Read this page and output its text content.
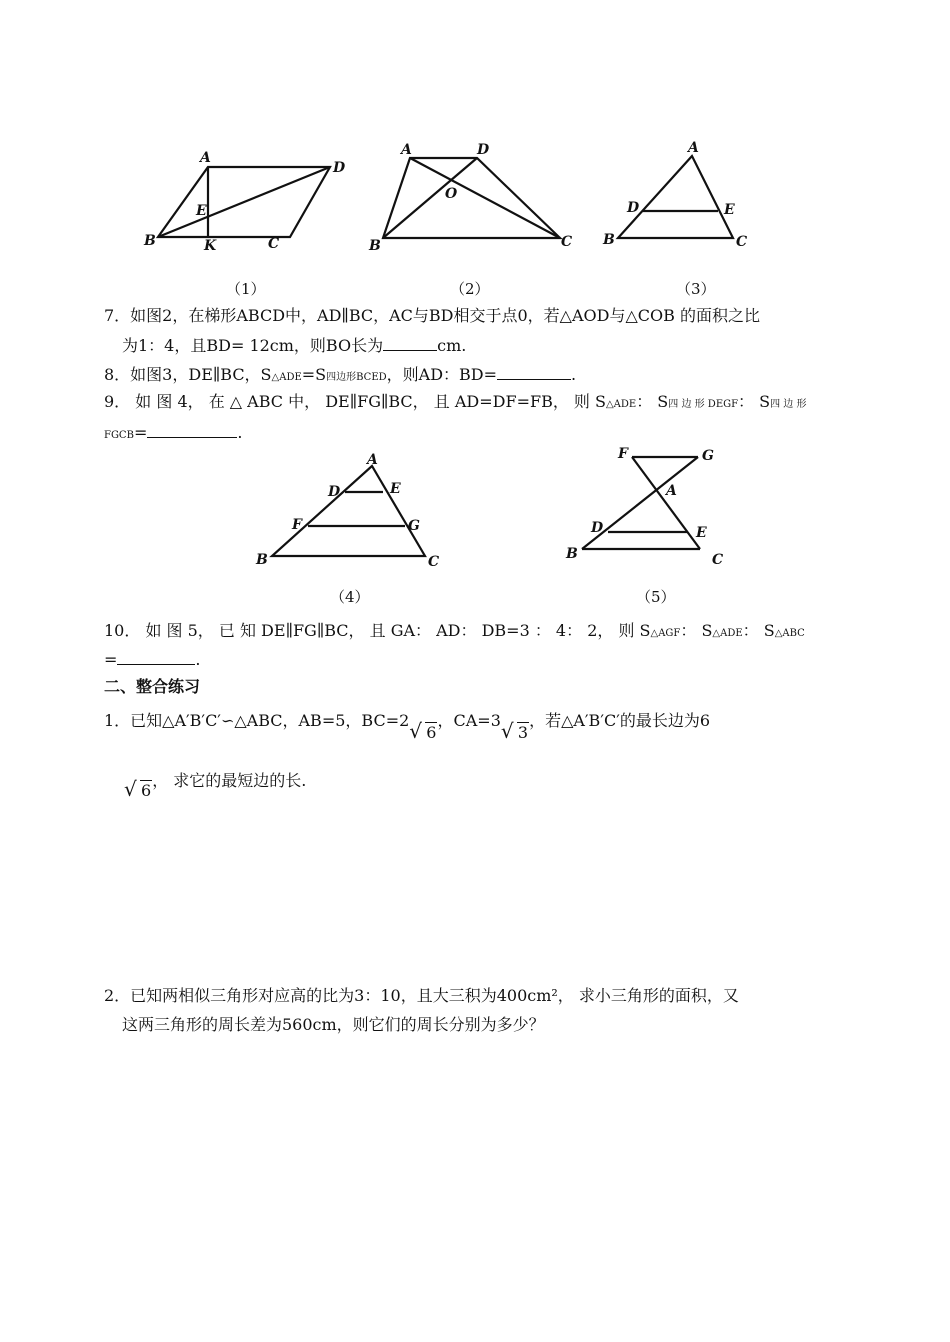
A
D
E
B	K	C
A	D
O
B	C
A
D	E
B	C
（1）	（2）	（3）
7．如图2，在梯形ABCD中，AD∥BC，AC与BD相交于点0，若△AOD与△COB 的面积之比
为1：4，且BD= 12cm，则BO长为	cm.
8．如图3，DE∥BC，S△ADE=S四边形BCED，则AD：BD=	.
9． 如 图 4， 在 △ ABC 中， DE∥FG∥BC， 且 AD=DF=FB， 则 S△ADE： S四 边 形 DEGF： S四 边 形
FGCB=	.
A
D	E
F	G
B	C
F	G
A
D	E
B	C
（4）	（5）
10． 如 图 5， 已 知 DE∥FG∥BC， 且 GA： AD： DB=3 ： 4： 2， 则 S△AGF： S△ADE： S△ABC
=	.
二、整合练习
1．已知△A′B′C′∽△ABC，AB=5，BC=2√ 6，CA=3√ 3，若△A′B′C′的最长边为6
√ 6， 求它的最短边的长.
2．已知两相似三角形对应高的比为3：10，且大三积为400cm²， 求小三角形的面积，又
这两三角形的周长差为560cm，则它们的周长分别为多少？
